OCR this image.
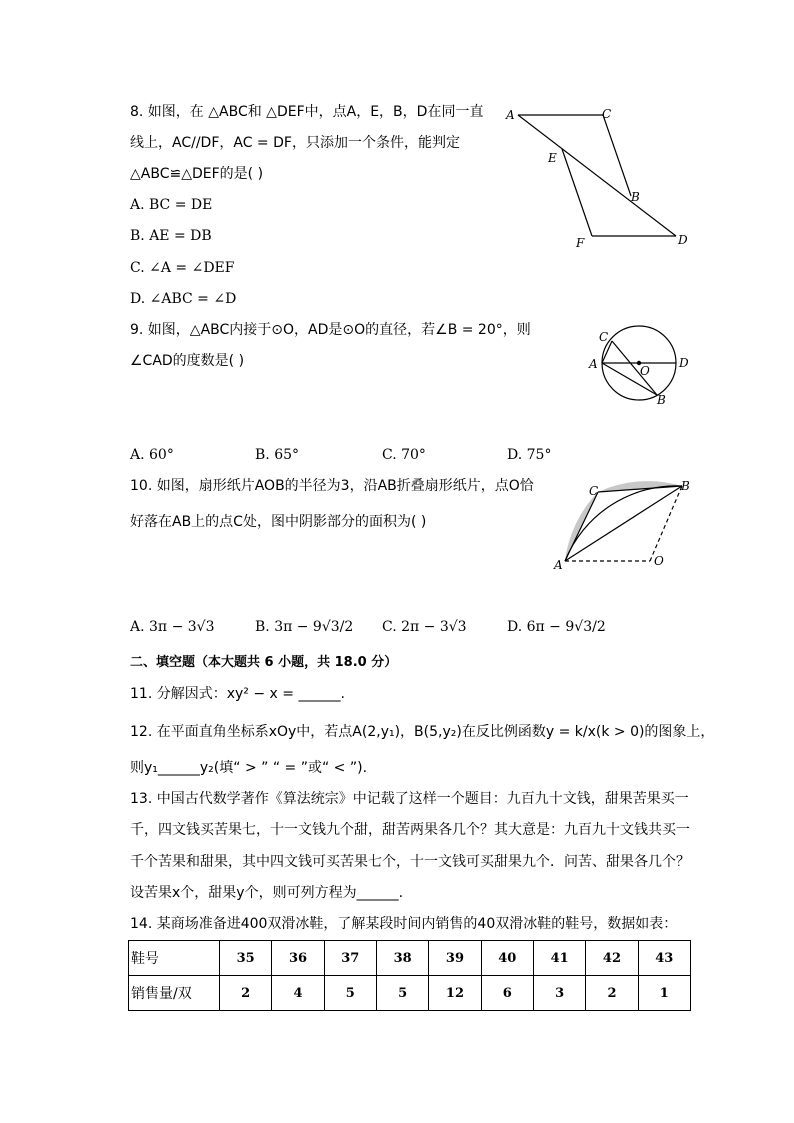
8. 如图，在 △ABC和 △DEF中，点A，E，B，D在同一直
线上，AC//DF，AC = DF，只添加一个条件，能判定
△ABC≌△DEF的是( )
A. BC = DE
B. AE = DB
C. ∠A = ∠DEF
D. ∠ABC = ∠D
A	C
E
B
F	D
9. 如图，△ABC内接于⊙O，AD是⊙O的直径，若∠B = 20°，则
∠CAD的度数是( )
C
A	O
D
B
A. 60°	B. 65°	C. 70°	D. 75°
10. 如图，扇形纸片AOB的半径为3，沿AB折叠扇形纸片，点O恰
好落在AB上的点C处，图中阴影部分的面积为( )
C	B
A	O
A. 3π − 3√3	B. 3π − 9√3/2 C. 2π − 3√3	D. 6π − 9√3/2
二、填空题（本大题共 6 小题，共 18.0 分）
11. 分解因式：xy² − x = ______.
12. 在平面直角坐标系xOy中，若点A(2,y₁)，B(5,y₂)在反比例函数y = k/x(k > 0)的图象上，
则y₁______y₂(填“ > ” “ = ”或“ < ”).
13. 中国古代数学著作《算法统宗》中记载了这样一个题目：九百九十文钱，甜果苦果买一
千，四文钱买苦果七，十一文钱九个甜，甜苦两果各几个？其大意是：九百九十文钱共买一
千个苦果和甜果，其中四文钱可买苦果七个，十一文钱可买甜果九个．问苦、甜果各几个？
设苦果x个，甜果y个，则可列方程为______.
14. 某商场准备进400双滑冰鞋，了解某段时间内销售的40双滑冰鞋的鞋号，数据如表：
鞋号	35	36	37	38	39	40	41	42	43
销售量/双	2	4	5	5	12	6	3	2	1
